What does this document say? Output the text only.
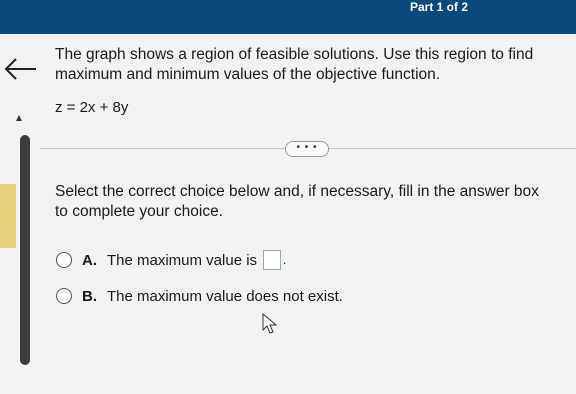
Part 1 of 2
The graph shows a region of feasible solutions. Use this region to find maximum and minimum values of the objective function.
z = 2x + 8y
• • •
Select the correct choice below and, if necessary, fill in the answer box to complete your choice.
A. The maximum value is .
B. The maximum value does not exist.
